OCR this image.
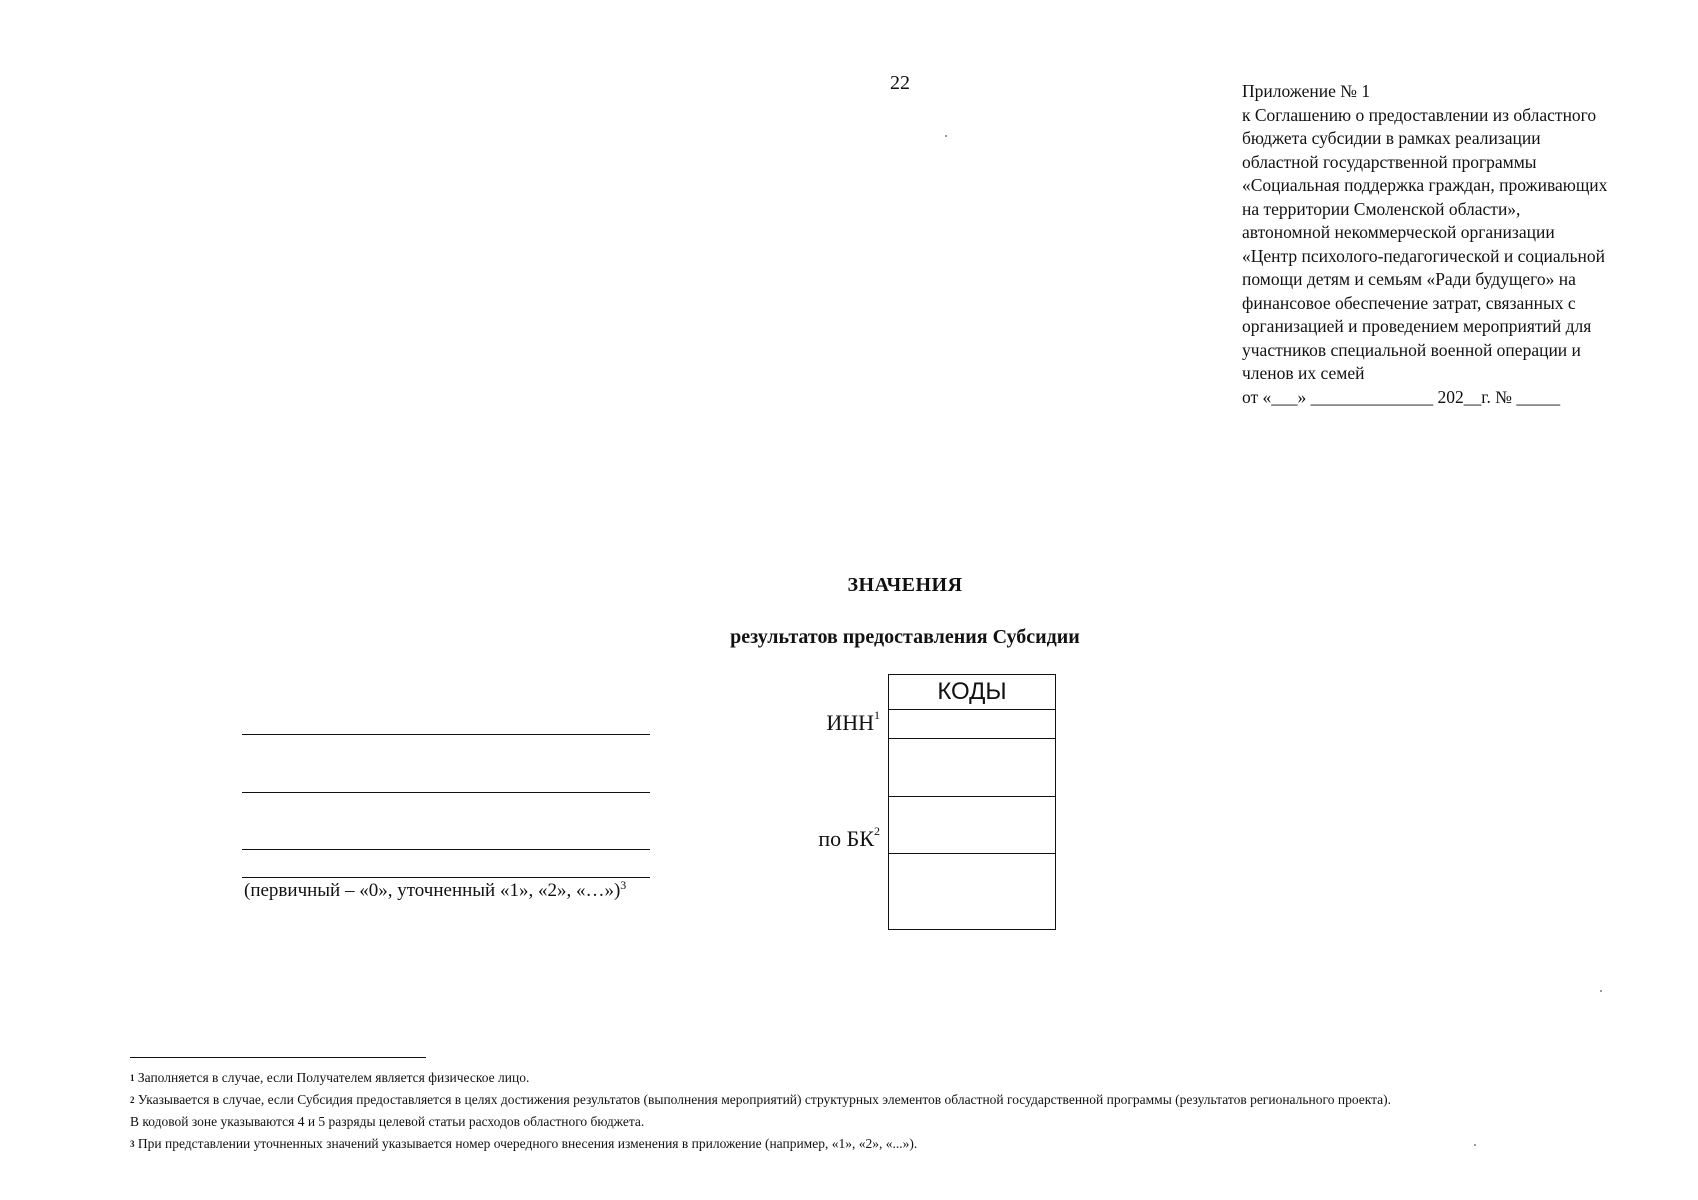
22	Приложение № 1
к Соглашению о предоставлении из областного
бюджета субсидии в рамках реализации
областной государственной программы
«Социальная поддержка граждан, проживающих
на территории Смоленской области»,
автономной некоммерческой организации
«Центр психолого-педагогической и социальной
помощи детям и семьям «Ради будущего» на
финансовое обеспечение затрат, связанных с
организацией и проведением мероприятий для
участников специальной военной операции и
членов их семей
от «___» ______________ 202__г. № _____
ЗНАЧЕНИЯ
результатов предоставления Субсидии
(первичный – «0», уточненный «1», «2», «…»)$^3$
ИНН$^1$
по $БК^2$
КОДЫ
$^1$ Заполняется в случае, если Получателем является физическое лицо.
$^2$ Указывается в случае, если Субсидия предоставляется в целях достижения результатов (выполнения мероприятий) структурных элементов областной государственной программы (результатов регионального проекта).
В кодовой зоне указываются 4 и 5 разряды целевой статьи расходов областного бюджета.
$^3$ При представлении уточненных значений указывается номер очередного внесения изменения в приложение (например, «1», «2», «...»).
